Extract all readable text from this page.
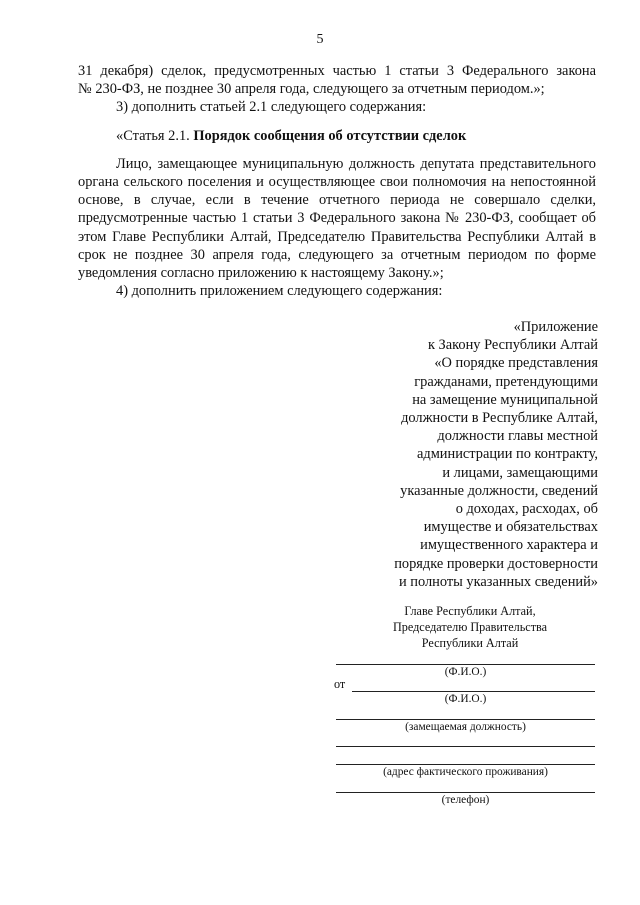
5

31 декабря) сделок, предусмотренных частью 1 статьи 3 Федерального закона

№ 230-ФЗ, не позднее 30 апреля года, следующего за отчетным периодом.»;

3) дополнить статьей 2.1 следующего содержания:

«Статья 2.1. Порядок сообщения об отсутствии сделок

Лицо, замещающее муниципальную должность депутата представительного органа сельского поселения и осуществляющее свои полномочия на непостоянной основе, в случае, если в течение отчетного периода не совершало сделки, предусмотренные частью 1 статьи 3 Федерального закона № 230-ФЗ, сообщает об этом Главе Республики Алтай, Председателю Правительства Республики Алтай в срок не позднее 30 апреля года, следующего за отчетным периодом по форме уведомления согласно приложению к настоящему Закону.»;

4) дополнить приложением следующего содержания:

«Приложение
к Закону Республики Алтай
«О порядке представления
гражданами, претендующими
на замещение муниципальной
должности в Республике Алтай,
должности главы местной
администрации по контракту,
и лицами, замещающими
указанные должности, сведений
о доходах, расходах, об
имуществе и обязательствах
имущественного характера и
порядке проверки достоверности
и полноты указанных сведений»
Главе Республики Алтай,
Председателю Правительства
Республики Алтай
(Ф.И.О.)
от
(Ф.И.О.)
(замещаемая должность)
(адрес фактического проживания)
(телефон)
